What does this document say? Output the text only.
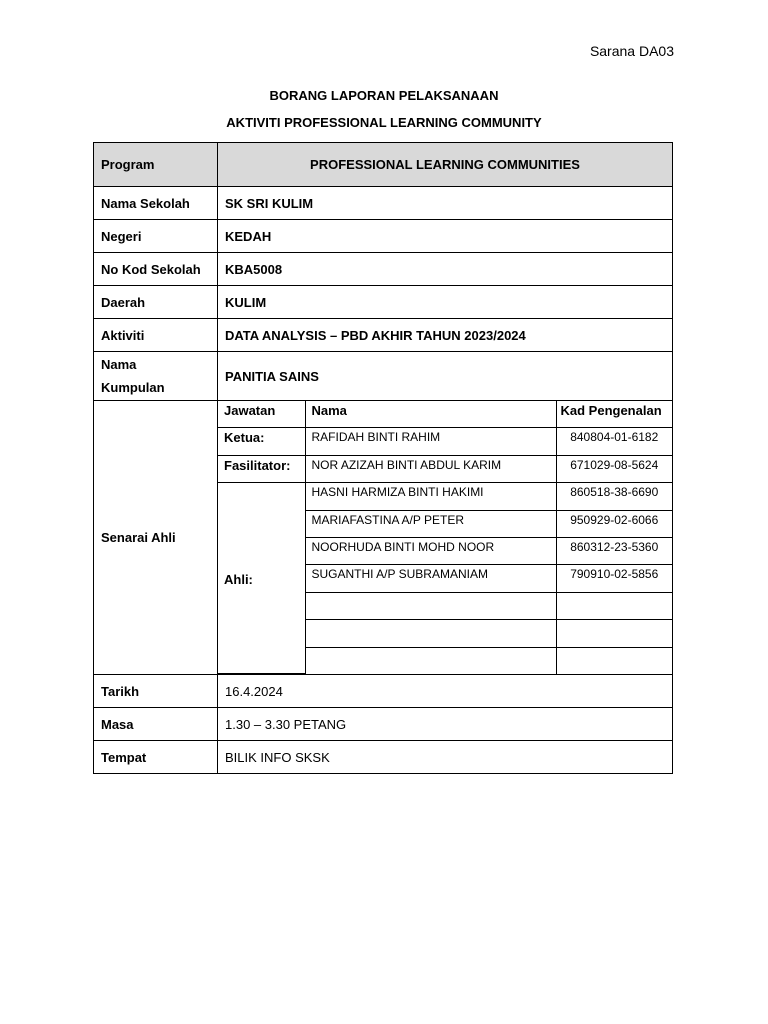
Sarana DA03
BORANG LAPORAN PELAKSANAAN
AKTIVITI PROFESSIONAL LEARNING COMMUNITY
Program	PROFESSIONAL LEARNING COMMUNITIES
Nama Sekolah	SK SRI KULIM
Negeri	KEDAH
No Kod Sekolah	KBA5008
Daerah	KULIM
Aktiviti	DATA ANALYSIS – PBD AKHIR TAHUN 2023/2024
Nama
Kumpulan	PANITIA SAINS
Senarai Ahli	
Jawatan	Nama	Kad Pengenalan
Ketua:	RAFIDAH BINTI RAHIM	840804-01-6182
Fasilitator:	NOR AZIZAH BINTI ABDUL KARIM	671029-08-5624
Ahli:	HASNI HARMIZA BINTI HAKIMI	860518-38-6690
MARIAFASTINA A/P PETER	950929-02-6066
NOORHUDA BINTI MOHD NOOR	860312-23-5360
SUGANTHI A/P SUBRAMANIAM	790910-02-5856

Tarikh	16.4.2024
Masa	1.30 – 3.30 PETANG
Tempat	BILIK INFO SKSK
